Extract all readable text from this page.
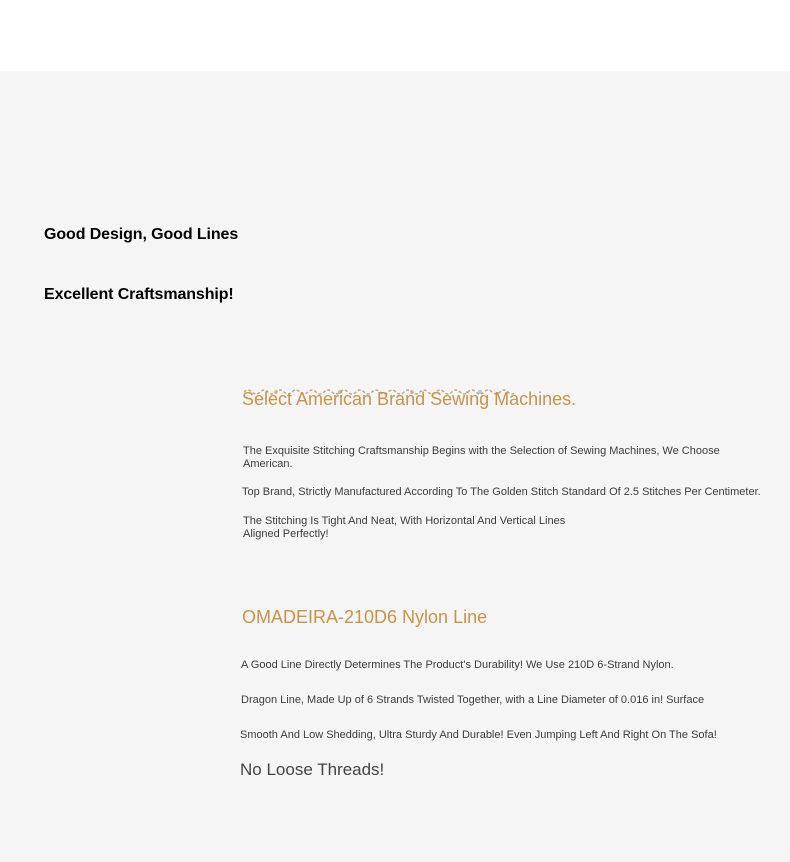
Good Design, Good Lines
Excellent Craftsmanship!
Select American Brand Sewing Machines.
The Exquisite Stitching Craftsmanship Begins with the Selection of Sewing Machines, We Choose American.
Top Brand, Strictly Manufactured According To The Golden Stitch Standard Of 2.5 Stitches Per Centimeter.
The Stitching Is Tight And Neat, With Horizontal And Vertical Lines Aligned Perfectly!
OMADEIRA-210D6 Nylon Line
A Good Line Directly Determines The Product's Durability! We Use 210D 6-Strand Nylon.
Dragon Line, Made Up of 6 Strands Twisted Together, with a Line Diameter of 0.016 in! Surface
Smooth And Low Shedding, Ultra Sturdy And Durable! Even Jumping Left And Right On The Sofa!
No Loose Threads!
